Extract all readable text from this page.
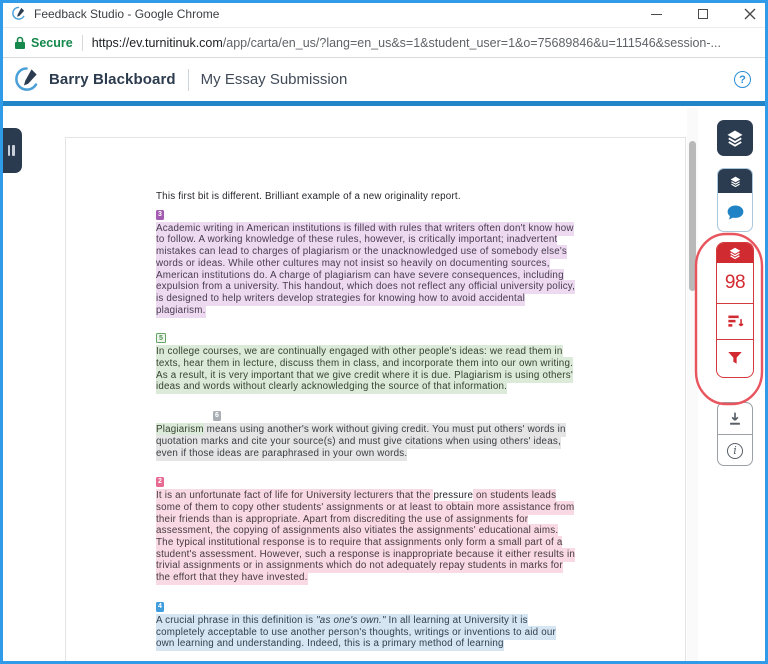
Feedback Studio - Google Chrome
Secure https://ev.turnitinuk.com/app/carta/en_us/?lang=en_us&s=1&student_user=1&o=75689846&u=111546&session-...
Barry Blackboard My Essay Submission	?
This first bit is different. Brilliant example of a new originality report.
3

Academic writing in American institutions is filled with rules that writers often don't know how to follow. A working knowledge of these rules, however, is critically important; inadvertent mistakes can lead to charges of plagiarism or the unacknowledged use of somebody else's words or ideas. While other cultures may not insist so heavily on documenting sources, American institutions do. A charge of plagiarism can have severe consequences, including expulsion from a university. This handout, which does not reflect any official university policy, is designed to help writers develop strategies for knowing how to avoid accidental plagiarism.
5

In college courses, we are continually engaged with other people's ideas: we read them in texts, hear them in lecture, discuss them in class, and incorporate them into our own writing. As a result, it is very important that we give credit where it is due. Plagiarism is using others' ideas and words without clearly acknowledging the source of that information.
6

Plagiarism means using another's work without giving credit. You must put others' words in quotation marks and cite your source(s) and must give citations when using others' ideas, even if those ideas are paraphrased in your own words.
2

It is an unfortunate fact of life for University lecturers that the pressure on students leads some of them to copy other students' assignments or at least to obtain more assistance from their friends than is appropriate. Apart from discrediting the use of assignments for assessment, the copying of assignments also vitiates the assignments' educational aims. The typical institutional response is to require that assignments only form a small part of a student's assessment. However, such a response is inappropriate because it either results in trivial assignments or in assignments which do not adequately repay students in marks for the effort that they have invested.
4

A crucial phrase in this definition is "as one's own." In all learning at University it is completely acceptable to use another person's thoughts, writings or inventions to aid our own learning and understanding. Indeed, this is a primary method of learning
98
i
